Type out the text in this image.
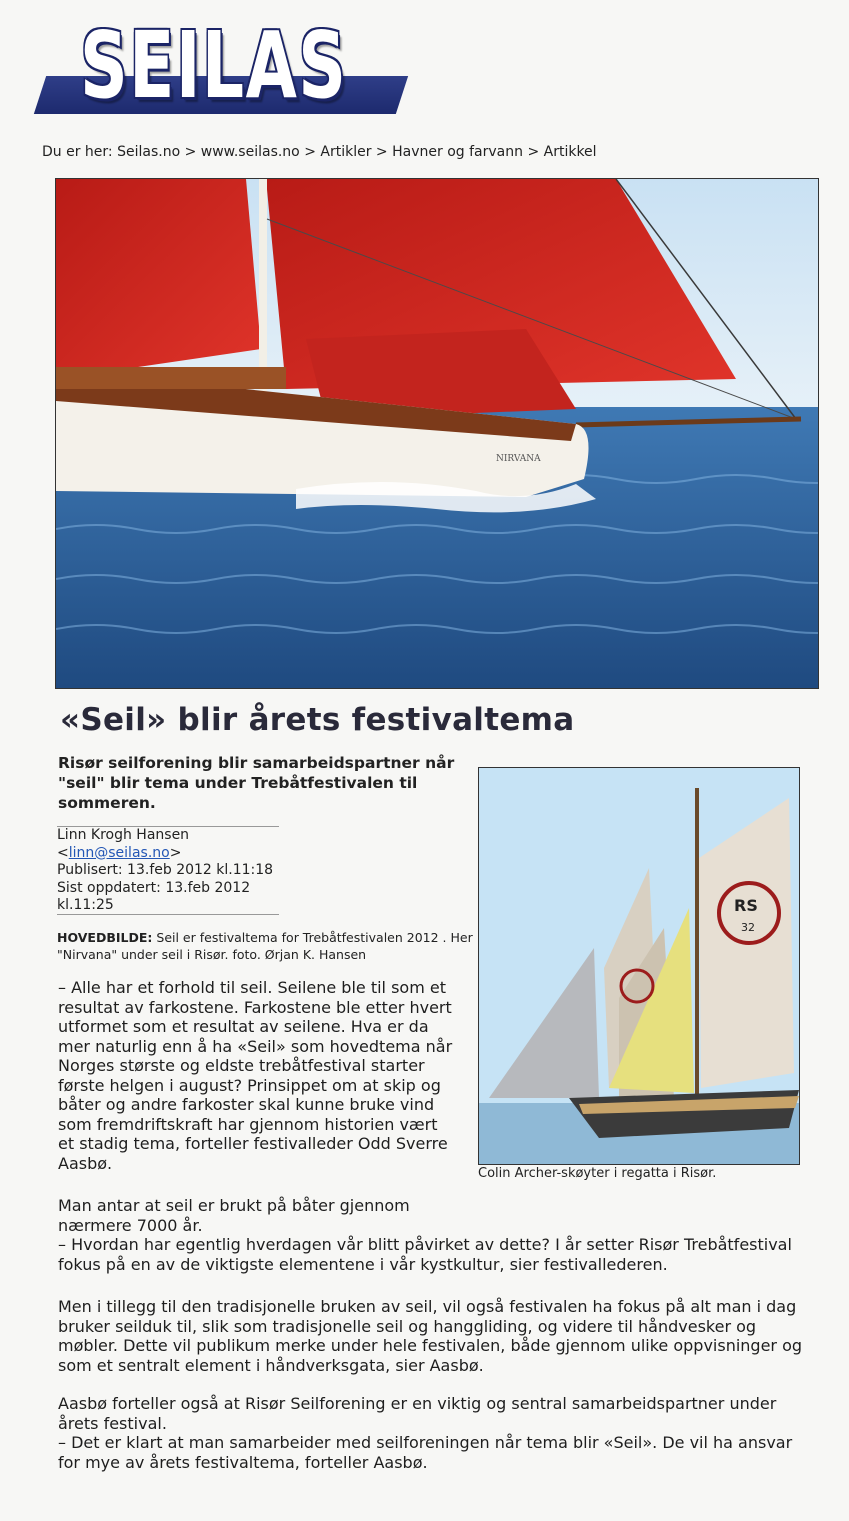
SEILAS
Du er her: Seilas.no > www.seilas.no > Artikler > Havner og farvann > Artikkel
NIRVANA
«Seil» blir årets festivaltema

Risør seilforening blir samarbeidspartner når "seil" blir tema under Trebåtfestivalen til sommeren.

Linn Krogh Hansen
<linn@seilas.no>
Publisert: 13.feb 2012 kl.11:18
Sist oppdatert: 13.feb 2012
kl.11:25
HOVEDBILDE: Seil er festivaltema for Trebåtfestivalen 2012 . Her "Nirvana" under seil i Risør. foto. Ørjan K. Hansen
RS
32
Colin Archer-skøyter i regatta i Risør.

– Alle har et forhold til seil. Seilene ble til som et resultat av farkostene. Farkostene ble etter hvert utformet som et resultat av seilene. Hva er da mer naturlig enn å ha «Seil» som hovedtema når Norges største og eldste trebåtfestival starter første helgen i august? Prinsippet om at skip og båter og andre farkoster skal kunne bruke vind som fremdriftskraft har gjennom historien vært et stadig tema, forteller festivalleder Odd Sverre Aasbø.

Man antar at seil er brukt på båter gjennom nærmere 7000 år.

– Hvordan har egentlig hverdagen vår blitt påvirket av dette? I år setter Risør Trebåtfestival fokus på en av de viktigste elementene i vår kystkultur, sier festivallederen.

Men i tillegg til den tradisjonelle bruken av seil, vil også festivalen ha fokus på alt man i dag bruker seilduk til, slik som tradisjonelle seil og hanggliding, og videre til håndvesker og møbler. Dette vil publikum merke under hele festivalen, både gjennom ulike oppvisninger og som et sentralt element i håndverksgata, sier Aasbø.

Aasbø forteller også at Risør Seilforening er en viktig og sentral samarbeidspartner under årets festival.

– Det er klart at man samarbeider med seilforeningen når tema blir «Seil». De vil ha ansvar for mye av årets festivaltema, forteller Aasbø.
